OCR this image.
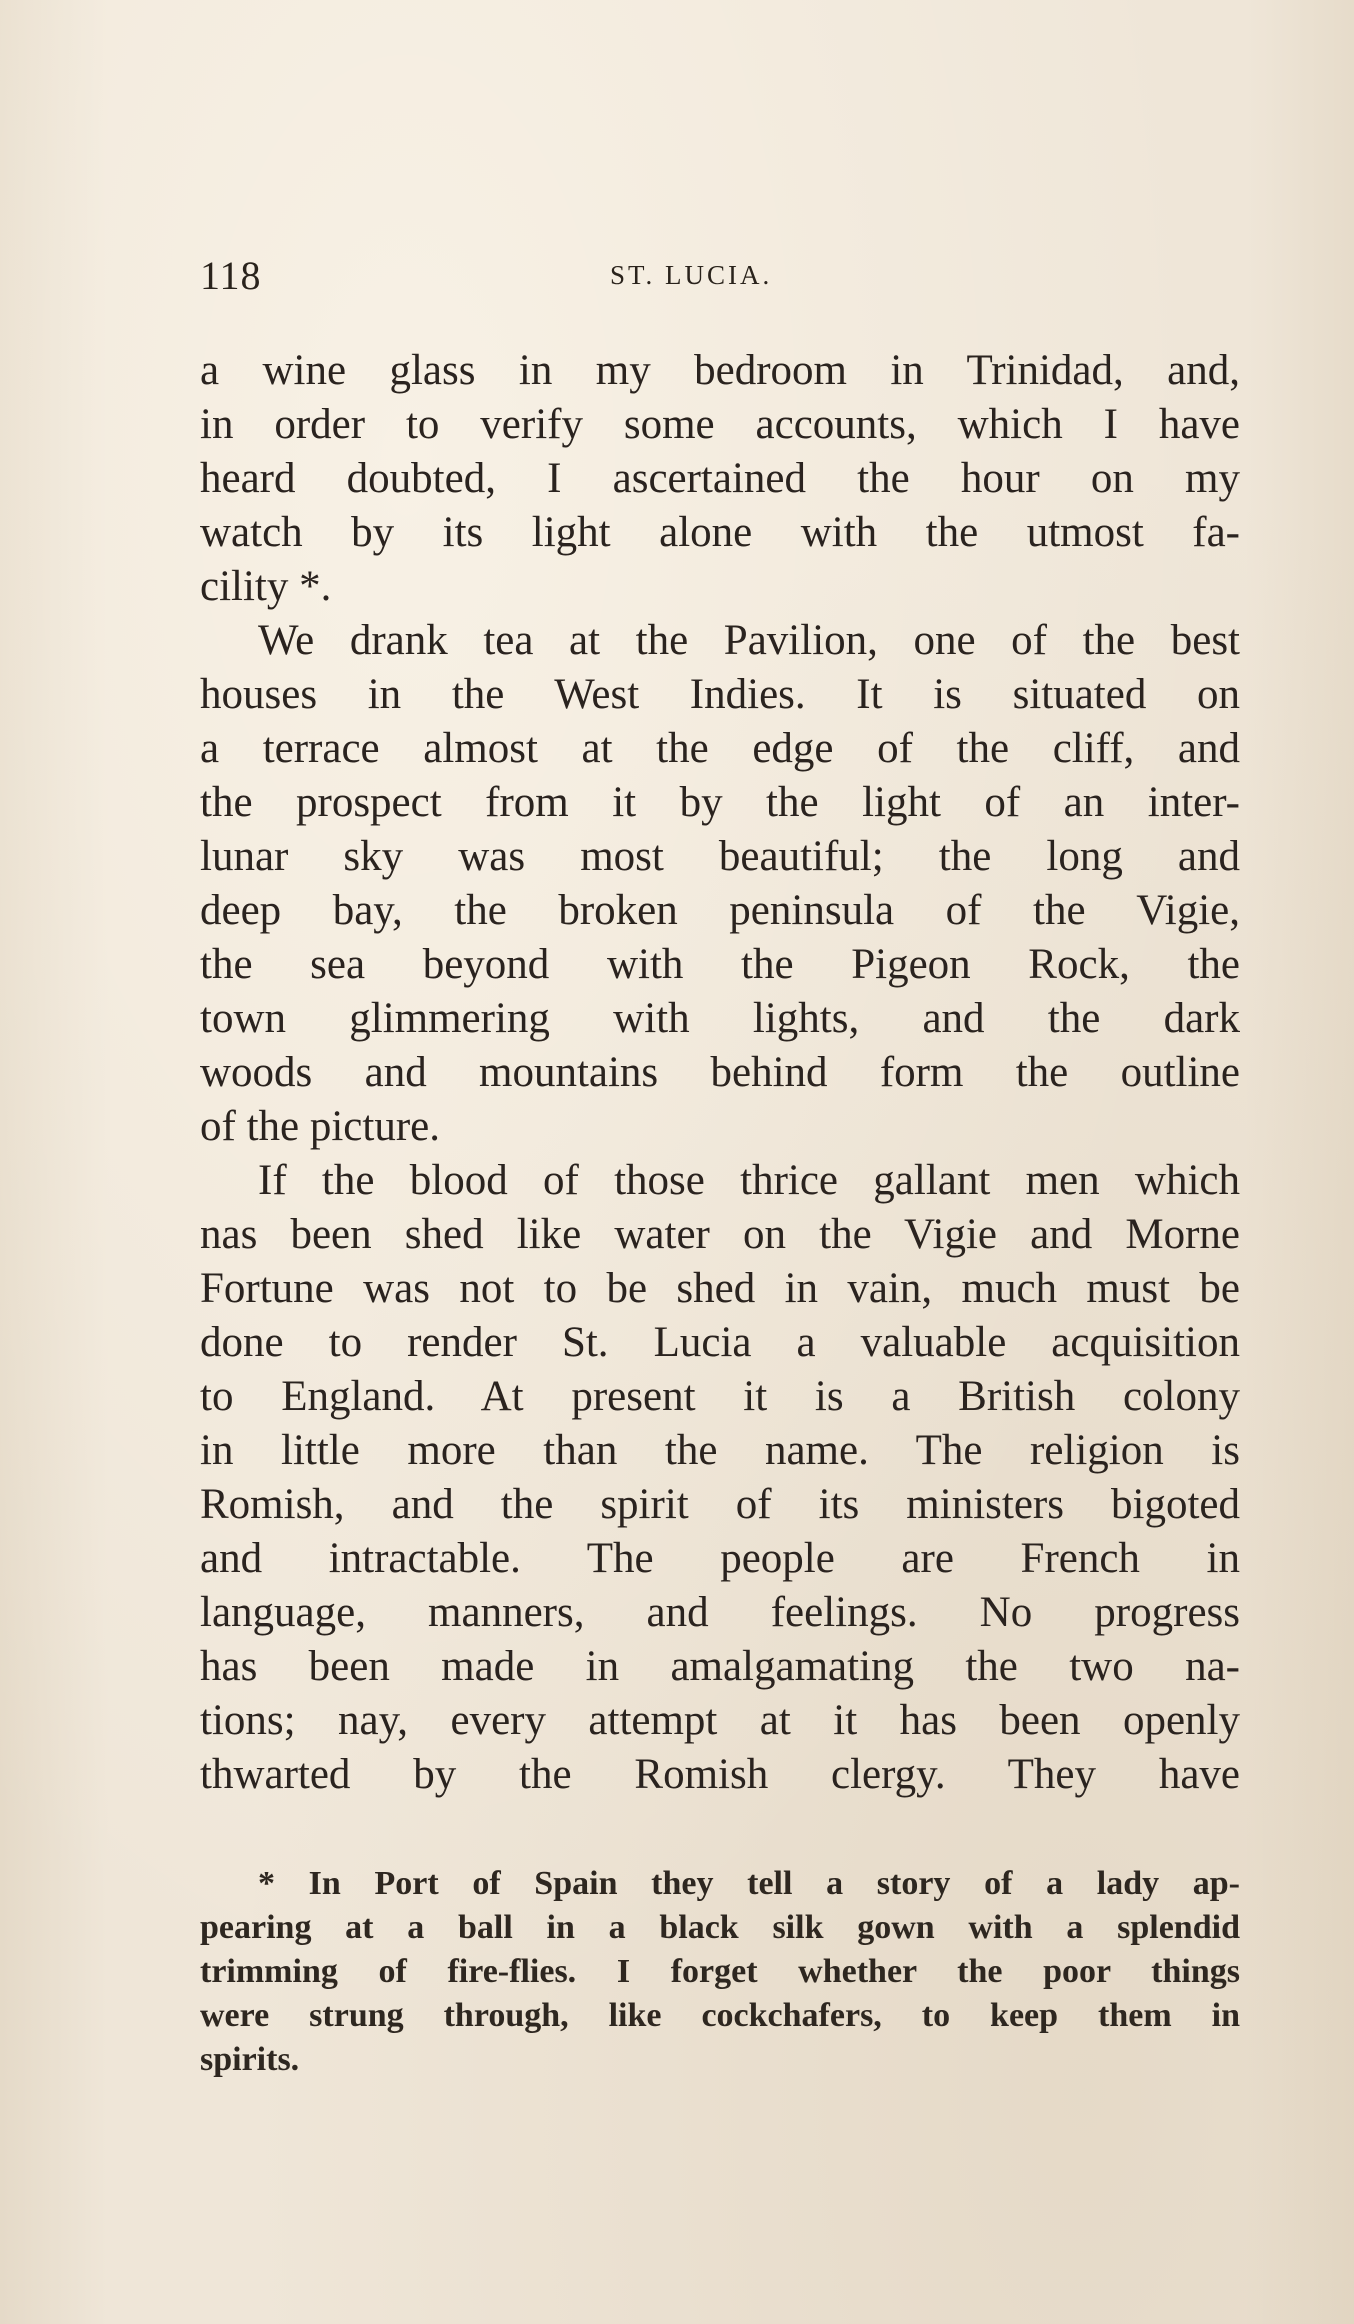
118	ST. LUCIA.
a wine glass in my bedroom in Trinidad, and,
in order to verify some accounts, which I have
heard doubted, I ascertained the hour on my
watch by its light alone with the utmost fa-
cility *.
We drank tea at the Pavilion, one of the best
houses in the West Indies. It is situated on
a terrace almost at the edge of the cliff, and
the prospect from it by the light of an inter-
lunar sky was most beautiful; the long and
deep bay, the broken peninsula of the Vigie,
the sea beyond with the Pigeon Rock, the
town glimmering with lights, and the dark
woods and mountains behind form the outline
of the picture.
If the blood of those thrice gallant men which
nas been shed like water on the Vigie and Morne
Fortune was not to be shed in vain, much must be
done to render St. Lucia a valuable acquisition
to England. At present it is a British colony
in little more than the name. The religion is
Romish, and the spirit of its ministers bigoted
and intractable. The people are French in
language, manners, and feelings. No progress
has been made in amalgamating the two na-
tions; nay, every attempt at it has been openly
thwarted by the Romish clergy. They have
* In Port of Spain they tell a story of a lady ap-
pearing at a ball in a black silk gown with a splendid
trimming of fire-flies. I forget whether the poor things
were strung through, like cockchafers, to keep them in
spirits.
